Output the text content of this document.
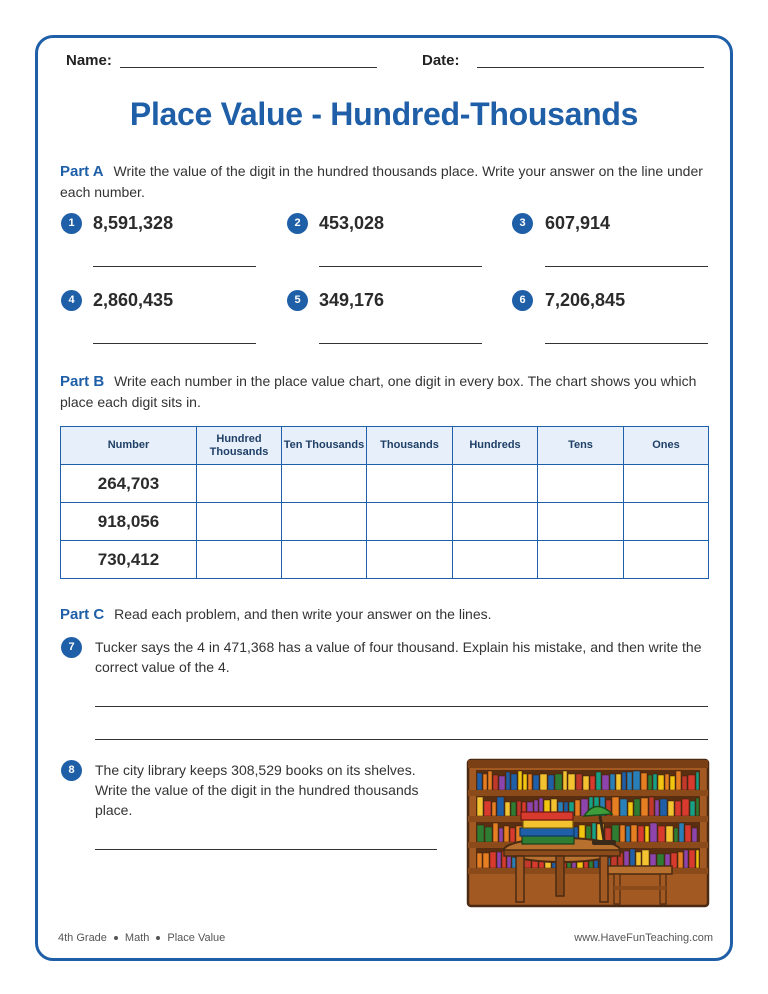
Name:	Date:
Place Value - Hundred-Thousands
Part A Write the value of the digit in the hundred thousands place. Write your answer on the line under each number.
1	8,591,328	2	453,028	3	607,914
4	2,860,435	5	349,176	6	7,206,845
Part B Write each number in the place value chart, one digit in every box. The chart shows you which place each digit sits in.
Number	Hundred Thousands	Ten Thousands	Thousands	Hundreds	Tens	Ones
264,703						
918,056						
730,412						
Part C Read each problem, and then write your answer on the lines.
7	Tucker says the 4 in 471,368 has a value of four thousand. Explain his mistake, and then write the correct value of the 4.
8	The city library keeps 308,529 books on its shelves. Write the value of the digit in the hundred thousands place.
4th Grade Math Place Value	www.HaveFunTeaching.com
